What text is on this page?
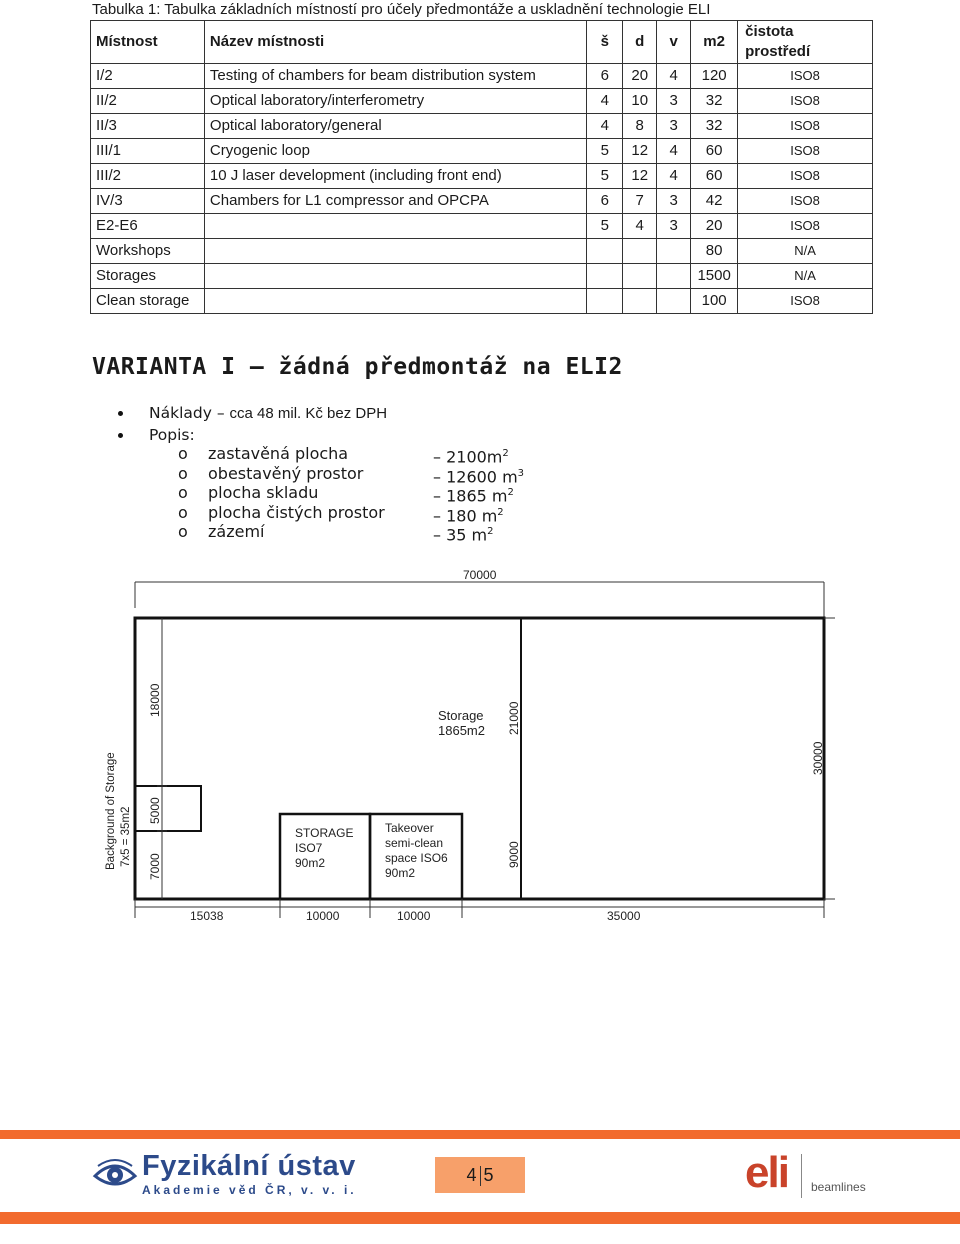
Tabulka 1: Tabulka základních místností pro účely předmontáže a uskladnění technologie ELI
Místnost	Název místnosti	š	d	v	m2	čistota
prostředí

I/2	Testing of chambers for beam distribution system	6	20	4	120	ISO8
II/2	Optical laboratory/interferometry	4	10	3	32	ISO8
II/3	Optical laboratory/general	4	8	3	32	ISO8
III/1	Cryogenic loop	5	12	4	60	ISO8
III/2	10 J laser development (including front end)	5	12	4	60	ISO8
IV/3	Chambers for L1 compressor and OPCPA	6	7	3	42	ISO8
E2-E6		5	4	3	20	ISO8
Workshops					80	N/A
Storages					1500	N/A
Clean storage					100	ISO8
VARIANTA I – žádná předmontáž na ELI2
Náklady – cca 48 mil. Kč bez DPH
Popis:
o zastavěná plocha	– $2100m^2$
o obestavěný prostor	– 12600 $m^3$
o plocha skladu	– 1865 $m^2$
o plocha čistých prostor	– 180 $m^2$
o zázemí	– 35 $m^2$
70000
30000
21000
9000
Storage
1865m2
STORAGE
ISO7
90m2
Takeover
semi-clean
space ISO6
90m2
18000
5000
7000
Background of Storage 7x5 = 35m2
15038	10000	10000	35000
Fyzikální ústav
Akademie věd ČR, v. v. i.
4 5	eli beamlines
